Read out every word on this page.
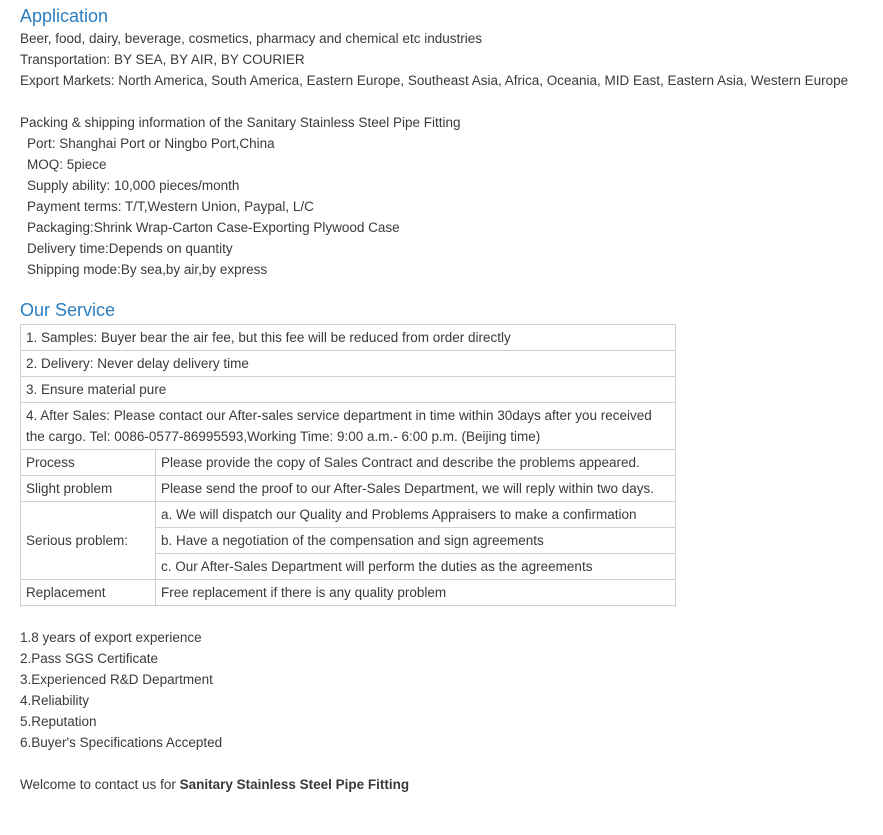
Application
Beer, food, dairy, beverage, cosmetics, pharmacy and chemical etc industries
Transportation: BY SEA, BY AIR, BY COURIER
Export Markets: North America, South America, Eastern Europe, Southeast Asia, Africa, Oceania, MID East, Eastern Asia, Western Europe
Packing & shipping information of the Sanitary Stainless Steel Pipe Fitting
Port: Shanghai Port or Ningbo Port,China
MOQ: 5piece
Supply ability: 10,000 pieces/month
Payment terms: T/T,Western Union, Paypal, L/C
Packaging:Shrink Wrap-Carton Case-Exporting Plywood Case
Delivery time:Depends on quantity
Shipping mode:By sea,by air,by express
Our Service
1. Samples: Buyer bear the air fee, but this fee will be reduced from order directly	
2. Delivery: Never delay delivery time	
3. Ensure material pure	
4. After Sales: Please contact our After-sales service department in time within 30days after you received the cargo. Tel: 0086-0577-86995593,Working Time: 9:00 a.m.- 6:00 p.m. (Beijing time)	
Process	Please provide the copy of Sales Contract and describe the problems appeared.
Slight problem	Please send the proof to our After-Sales Department, we will reply within two days.
Serious problem:	a. We will dispatch our Quality and Problems Appraisers to make a confirmation
	b. Have a negotiation of the compensation and sign agreements
	c. Our After-Sales Department will perform the duties as the agreements
Replacement	Free replacement if there is any quality problem
1.8 years of export experience
2.Pass SGS Certificate
3.Experienced R&D Department
4.Reliability
5.Reputation
6.Buyer's Specifications Accepted
Welcome to contact us for Sanitary Stainless Steel Pipe Fitting
